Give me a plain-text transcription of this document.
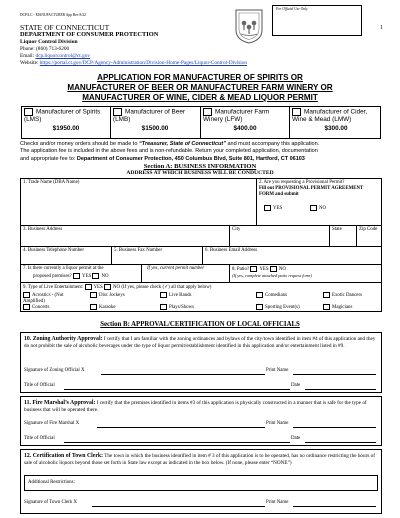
DCP/LC - MANUFACTURER App Rev 8/22
For Official Use Only
1
STATE OF CONNECTICUT
DEPARTMENT OF CONSUMER PROTECTION
Liquor Control Division
Phone: (860) 713-6200
Email: dcp.liquorcontrol@ct.gov
Website: https://portal.ct.gov/DCP/Agency-Administration/Division-Home-Pages/Liquor-Control-Division
APPLICATION FOR MANUFACTURER OF SPIRITS OR
MANUFACTURER OF BEER OR MANUFACTURER FARM WINERY OR
MANUFACTURER OF WINE, CIDER & MEAD LIQUOR PERMIT
Manufacturer of Spirits (LMS)
$1950.00
Manufacturer of Beer (LMB)
$1500.00
Manufacturer Farm Winery (LFW)
$400.00
Manufacturer of Cider, Wine & Mead (LMW)
$300.00
Checks and/or money orders should be made to “Treasurer, State of Connecticut” and must accompany this application.
The application fee is included in the above fees and is non-refundable. Return your completed application, documentation
and appropriate fee to: Department of Consumer Protection, 450 Columbus Blvd, Suite 801, Hartford, CT 06103
Section A: BUSINESS INFORMATION
ADDRESS AT WHICH BUSINESS WILL BE CONDUCTED
1. Trade Name (DBA Name)	2. Are you requesting a Provisional Permit?
Fill out PROVISIONAL PERMIT AGREEMENT FORM and submit
YES	NO
3. Business Address	City	State	Zip Code
4. Business Telephone Number	5. Business Fax Number	6. Business Email Address
7. Is there currently a liquor permit at the
proposed premises? YES NO
If yes, current permit number	8. Patio? YES NO
(If yes, complete attached patio request form)
9. Type of Live Entertainment: YES NO (If yes, please check (✓) all that apply below)
Acrostics - (Not Amplified)
Disc Jockeys	Live Bands	Comedians	Exotic Dancers
Concerts	Karaoke	Plays/Shows	Sporting Event(s)	Magicians
Section B: APPROVAL/CERTIFICATION OF LOCAL OFFICIALS
10. Zoning Authority Approval: I certify that I am familiar with the zoning ordinances and bylaws of the city/town identified in item #4 of this application and they do not prohibit the sale of alcoholic beverages under the type of liquor permit/establishment identified in this application and/or entertainment listed in #9.
Signature of Zoning Official X	Print Name
Title of Official	Date
11. Fire Marshal’s Approval: I certify that the premises identified in items #3 of this application is physically constructed in a manner that is safe for the type of business that will be operated there.
Signature of Fire Marshal X	Print Name
Title of Official	Date
12. Certification of Town Clerk: The town in which the business identified in item # 3 of this application is to be operated, has no ordinance restricting the hours of sale of alcoholic liquors beyond those set forth in State law except as indicated in the box below. (If none, please enter “NONE”)
Additional Restrictions:
Signature of Town Clerk X	Print Name
